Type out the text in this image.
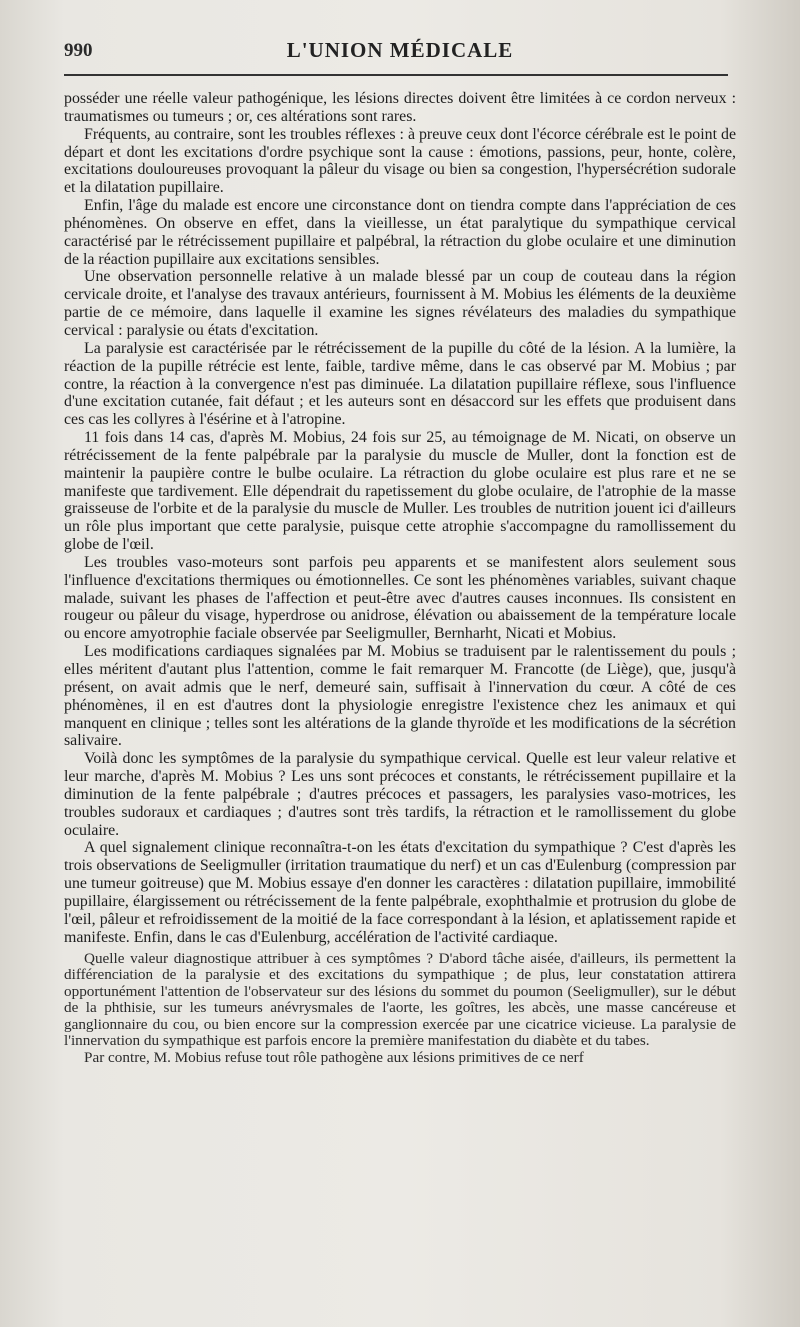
990	L'UNION MÉDICALE

posséder une réelle valeur pathogénique, les lésions directes doivent être limitées à ce cordon nerveux : traumatismes ou tumeurs ; or, ces altérations sont rares.

Fréquents, au contraire, sont les troubles réflexes : à preuve ceux dont l'écorce cérébrale est le point de départ et dont les excitations d'ordre psychique sont la cause : émotions, passions, peur, honte, colère, excitations douloureuses provoquant la pâleur du visage ou bien sa congestion, l'hypersécrétion sudorale et la dilatation pupillaire.

Enfin, l'âge du malade est encore une circonstance dont on tiendra compte dans l'appréciation de ces phénomènes. On observe en effet, dans la vieillesse, un état paralytique du sympathique cervical caractérisé par le rétrécissement pupillaire et palpébral, la rétraction du globe oculaire et une diminution de la réaction pupillaire aux excitations sensibles.

Une observation personnelle relative à un malade blessé par un coup de couteau dans la région cervicale droite, et l'analyse des travaux antérieurs, fournissent à M. Mobius les éléments de la deuxième partie de ce mémoire, dans laquelle il examine les signes révélateurs des maladies du sympathique cervical : paralysie ou états d'excitation.

La paralysie est caractérisée par le rétrécissement de la pupille du côté de la lésion. A la lumière, la réaction de la pupille rétrécie est lente, faible, tardive même, dans le cas observé par M. Mobius ; par contre, la réaction à la convergence n'est pas diminuée. La dilatation pupillaire réflexe, sous l'influence d'une excitation cutanée, fait défaut ; et les auteurs sont en désaccord sur les effets que produisent dans ces cas les collyres à l'ésérine et à l'atropine.

11 fois dans 14 cas, d'après M. Mobius, 24 fois sur 25, au témoignage de M. Nicati, on observe un rétrécissement de la fente palpébrale par la paralysie du muscle de Muller, dont la fonction est de maintenir la paupière contre le bulbe oculaire. La rétraction du globe oculaire est plus rare et ne se manifeste que tardivement. Elle dépendrait du rapetissement du globe oculaire, de l'atrophie de la masse graisseuse de l'orbite et de la paralysie du muscle de Muller. Les troubles de nutrition jouent ici d'ailleurs un rôle plus important que cette paralysie, puisque cette atrophie s'accompagne du ramollissement du globe de l'œil.

Les troubles vaso-moteurs sont parfois peu apparents et se manifestent alors seulement sous l'influence d'excitations thermiques ou émotionnelles. Ce sont les phénomènes variables, suivant chaque malade, suivant les phases de l'affection et peut-être avec d'autres causes inconnues. Ils consistent en rougeur ou pâleur du visage, hyperdrose ou anidrose, élévation ou abaissement de la température locale ou encore amyotrophie faciale observée par Seeligmuller, Bernharht, Nicati et Mobius.

Les modifications cardiaques signalées par M. Mobius se traduisent par le ralentissement du pouls ; elles méritent d'autant plus l'attention, comme le fait remarquer M. Francotte (de Liège), que, jusqu'à présent, on avait admis que le nerf, demeuré sain, suffisait à l'innervation du cœur. A côté de ces phénomènes, il en est d'autres dont la physiologie enregistre l'existence chez les animaux et qui manquent en clinique ; telles sont les altérations de la glande thyroïde et les modifications de la sécrétion salivaire.

Voilà donc les symptômes de la paralysie du sympathique cervical. Quelle est leur valeur relative et leur marche, d'après M. Mobius ? Les uns sont précoces et constants, le rétrécissement pupillaire et la diminution de la fente palpébrale ; d'autres précoces et passagers, les paralysies vaso-motrices, les troubles sudoraux et cardiaques ; d'autres sont très tardifs, la rétraction et le ramollissement du globe oculaire.

A quel signalement clinique reconnaîtra-t-on les états d'excitation du sympathique ? C'est d'après les trois observations de Seeligmuller (irritation traumatique du nerf) et un cas d'Eulenburg (compression par une tumeur goitreuse) que M. Mobius essaye d'en donner les caractères : dilatation pupillaire, immobilité pupillaire, élargissement ou rétrécissement de la fente palpébrale, exophthalmie et protrusion du globe de l'œil, pâleur et refroidissement de la moitié de la face correspondant à la lésion, et aplatissement rapide et manifeste. Enfin, dans le cas d'Eulenburg, accélération de l'activité cardiaque.

Quelle valeur diagnostique attribuer à ces symptômes ? D'abord tâche aisée, d'ailleurs, ils permettent la différenciation de la paralysie et des excitations du sympathique ; de plus, leur constatation attirera opportunément l'attention de l'observateur sur des lésions du sommet du poumon (Seeligmuller), sur le début de la phthisie, sur les tumeurs anévrysmales de l'aorte, les goîtres, les abcès, une masse cancéreuse et ganglionnaire du cou, ou bien encore sur la compression exercée par une cicatrice vicieuse. La paralysie de l'innervation du sympathique est parfois encore la première manifestation du diabète et du tabes.

Par contre, M. Mobius refuse tout rôle pathogène aux lésions primitives de ce nerf
